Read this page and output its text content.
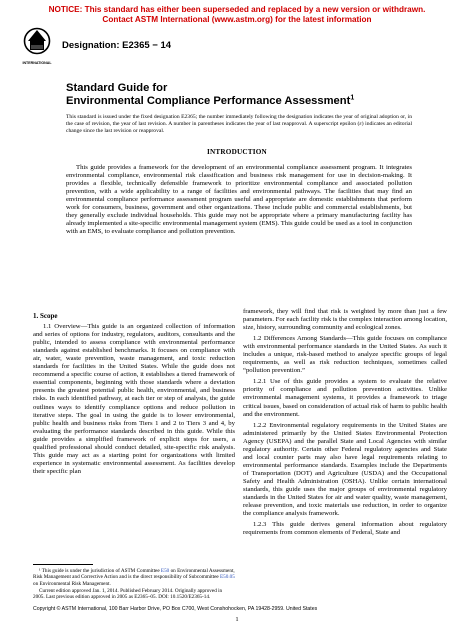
NOTICE: This standard has either been superseded and replaced by a new version or withdrawn.
Contact ASTM International (www.astm.org) for the latest information
INTERNATIONAL
Designation: E2365 − 14
Standard Guide for
Environmental Compliance Performance Assessment$^1$
This standard is issued under the fixed designation E2365; the number immediately following the designation indicates the year of original adoption or, in the case of revision, the year of last revision. A number in parentheses indicates the year of last reapproval. A superscript epsilon (ε) indicates an editorial change since the last revision or reapproval.
INTRODUCTION
This guide provides a framework for the development of an environmental compliance assessment program. It integrates environmental compliance, environmental risk classification and business risk management for use in decision-making. It provides a flexible, technically defensible framework to prioritize environmental compliance and associated pollution prevention, with a wide applicability to a range of facilities and environmental pathways. The facilities that may find an environmental compliance performance assessment program useful and appropriate are domestic establishments that perform work for consumers, business, government and other organizations. These include public and commercial establishments, but they generally exclude individual households. This guide may not be appropriate where a primary manufacturing facility has already implemented a site-specific environmental management system (EMS). This guide could be used as a tool in conjunction with an EMS, to evaluate compliance and pollution prevention.

1. Scope

1.1 Overview—This guide is an organized collection of information and series of options for industry, regulators, auditors, consultants and the public, intended to assess compliance with environmental performance standards against established benchmarks. It focuses on compliance with air, water, waste prevention, waste management, and toxic reduction standards for facilities in the United States. While the guide does not recommend a specific course of action, it establishes a tiered framework of essential components, beginning with those standards where a deviation presents the greatest potential public health, environmental, and business risks. In each identified pathway, at each tier or step of analysis, the guide outlines ways to identify compliance options and reduce pollution in iterative steps. The goal in using the guide is to lower environmental, public health and business risks from Tiers 1 and 2 to Tiers 3 and 4, by evaluating the performance standards described in this guide. While this guide provides a simplified framework of explicit steps for users, a qualified professional should conduct detailed, site-specific risk analysis. This guide may act as a starting point for organizations with limited experience in systematic environmental assessment. As facilities develop their specific plan

framework, they will find that risk is weighted by more than just a few parameters. For each facility risk is the complex interaction among location, size, history, surrounding community and ecological zones.

1.2 Differences Among Standards—This guide focuses on compliance with environmental performance standards in the United States. As such it includes a unique, risk-based method to analyze specific groups of legal requirements, as well as risk reduction techniques, sometimes called “pollution prevention.”

1.2.1 Use of this guide provides a system to evaluate the relative priority of compliance and pollution prevention activities. Unlike environmental management systems, it provides a framework to triage critical issues, based on consideration of actual risk of harm to public health and the environment.

1.2.2 Environmental regulatory requirements in the United States are administered primarily by the United States Environmental Protection Agency (USEPA) and the parallel State and Local Agencies with similar regulatory authority. Certain other Federal regulatory agencies and State and local counter parts may also have legal requirements relating to environmental performance standards. Examples include the Departments of Transportation (DOT) and Agriculture (USDA) and the Occupational Safety and Health Administration (OSHA). Unlike certain international standards, this guide uses the major groups of environmental regulatory standards in the United States for air and water quality, waste management, release prevention, and toxic materials use reduction, in order to organize the compliance analysis framework.

1.2.3 This guide derives general information about regulatory requirements from common elements of Federal, State and

¹ This guide is under the jurisdiction of ASTM Committee E50 on Environmental Assessment, Risk Management and Corrective Action and is the direct responsibility of Subcommittee E50.05 on Environmental Risk Management.

Current edition approved Jan. 1, 2014. Published February 2014. Originally approved in 2005. Last previous edition approved in 2005 as E2365–05. DOI: 10.1520/E2365-14.

Copyright © ASTM International, 100 Barr Harbor Drive, PO Box C700, West Conshohocken, PA 19428-2959. United States
1
